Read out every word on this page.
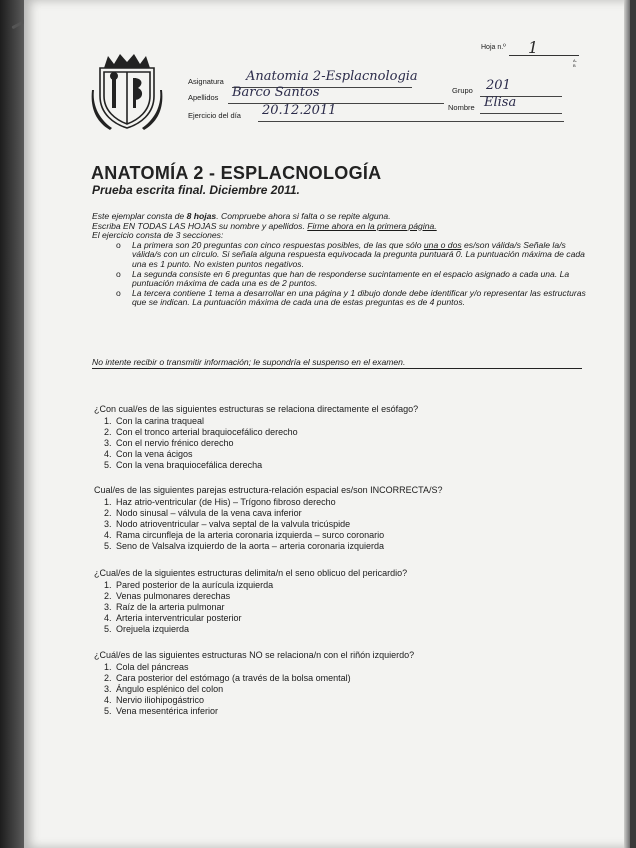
Hoja n.º 1
A-B
Asignatura Anatomia 2-Esplacnologia
Grupo 201
Apellidos Barco Santos
Nombre Elisa
Ejercicio del día 20.12.2011
ANATOMÍA 2 - ESPLACNOLOGÍA
Prueba escrita final. Diciembre 2011.

Este ejemplar consta de 8 hojas. Compruebe ahora si falta o se repite alguna.

Escriba EN TODAS LAS HOJAS su nombre y apellidos. Firme ahora en la primera página.

El ejercicio consta de 3 secciones:

o La primera son 20 preguntas con cinco respuestas posibles, de las que sólo una o dos es/son válida/s Señale la/s válida/s con un círculo. Si señala alguna respuesta equivocada la pregunta puntuará 0. La puntuación máxima de cada una es 1 punto. No existen puntos negativos.
o La segunda consiste en 6 preguntas que han de responderse sucintamente en el espacio asignado a cada una. La puntuación máxima de cada una es de 2 puntos.
o La tercera contiene 1 tema a desarrollar en una página y 1 dibujo donde debe identificar y/o representar las estructuras que se indican. La puntuación máxima de cada una de estas preguntas es de 4 puntos.
No intente recibir o transmitir información; le supondría el suspenso en el examen.

¿Con cual/es de las siguientes estructuras se relaciona directamente el esófago?

1. Con la carina traqueal
2. Con el tronco arterial braquiocefálico derecho
3. Con el nervio frénico derecho
4. Con la vena ácigos
5. Con la vena braquiocefálica derecha

Cual/es de las siguientes parejas estructura-relación espacial es/son INCORRECTA/S?

1. Haz atrio-ventricular (de His) – Trígono fibroso derecho
2. Nodo sinusal – válvula de la vena cava inferior
3. Nodo atrioventricular – valva septal de la valvula tricúspide
4. Rama circunfleja de la arteria coronaria izquierda – surco coronario
5. Seno de Valsalva izquierdo de la aorta – arteria coronaria izquierda

¿Cual/es de la siguientes estructuras delimita/n el seno oblicuo del pericardio?

1. Pared posterior de la aurícula izquierda
2. Venas pulmonares derechas
3. Raíz de la arteria pulmonar
4. Arteria interventricular posterior
5. Orejuela izquierda

¿Cuál/es de las siguientes estructuras NO se relaciona/n con el riñón izquierdo?

1. Cola del páncreas
2. Cara posterior del estómago (a través de la bolsa omental)
3. Ángulo esplénico del colon
4. Nervio iliohipogástrico
5. Vena mesentérica inferior
